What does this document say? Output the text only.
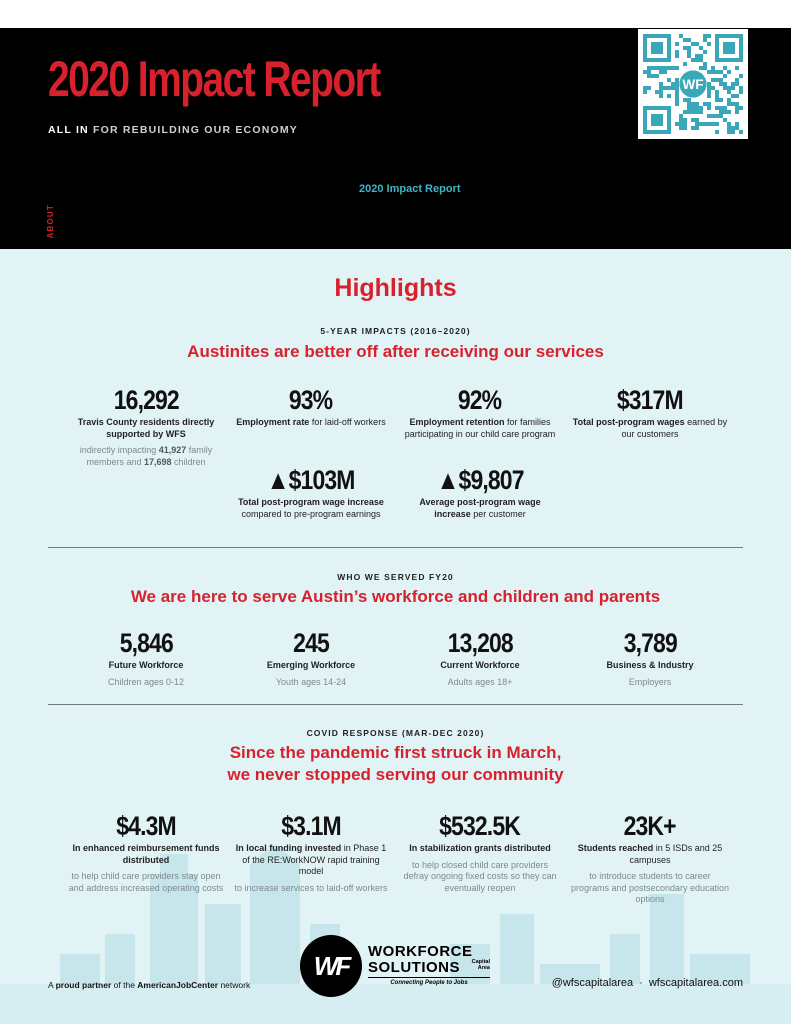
2020 Impact Report
ALL IN FOR REBUILDING OUR ECONOMY
ABOUT
2020 Impact Report
WF
Highlights
5-YEAR IMPACTS (2016–2020)
Austinites are better off after receiving our services
16,292
Travis County residents directly supported by WFS
indirectly impacting 41,927 family members and 17,698 children
93%
Employment rate for laid-off workers
92%
Employment retention for families participating in our child care program
$317M
Total post-program wages earned by our customers
▲$103M
Total post-program wage increase compared to pre-program earnings
▲$9,807
Average post-program wage increase per customer
WHO WE SERVED FY20
We are here to serve Austin’s workforce and children and parents
5,846
Future Workforce
Children ages 0-12
245
Emerging Workforce
Youth ages 14-24
13,208
Current Workforce
Adults ages 18+
3,789
Business & Industry
Employers
COVID RESPONSE (MAR-DEC 2020)
Since the pandemic first struck in March,
we never stopped serving our community
$4.3M
In enhanced reimbursement funds distributed
to help child care providers stay open and address increased operating costs
$3.1M
In local funding invested in Phase 1 of the RE:WorkNOW rapid training model
to increase services to laid-off workers
$532.5K
In stabilization grants distributed
to help closed child care providers defray ongoing fixed costs so they can eventually reopen
23K+
Students reached in 5 ISDs and 25 campuses
to introduce students to career programs and postsecondary education options
A proud partner of the AmericanJobCenter network
WF	WORKFORCE
SOLUTIONS	Capital
Area
Connecting People to Jobs	@wfscapitalarea · wfscapitalarea.com
